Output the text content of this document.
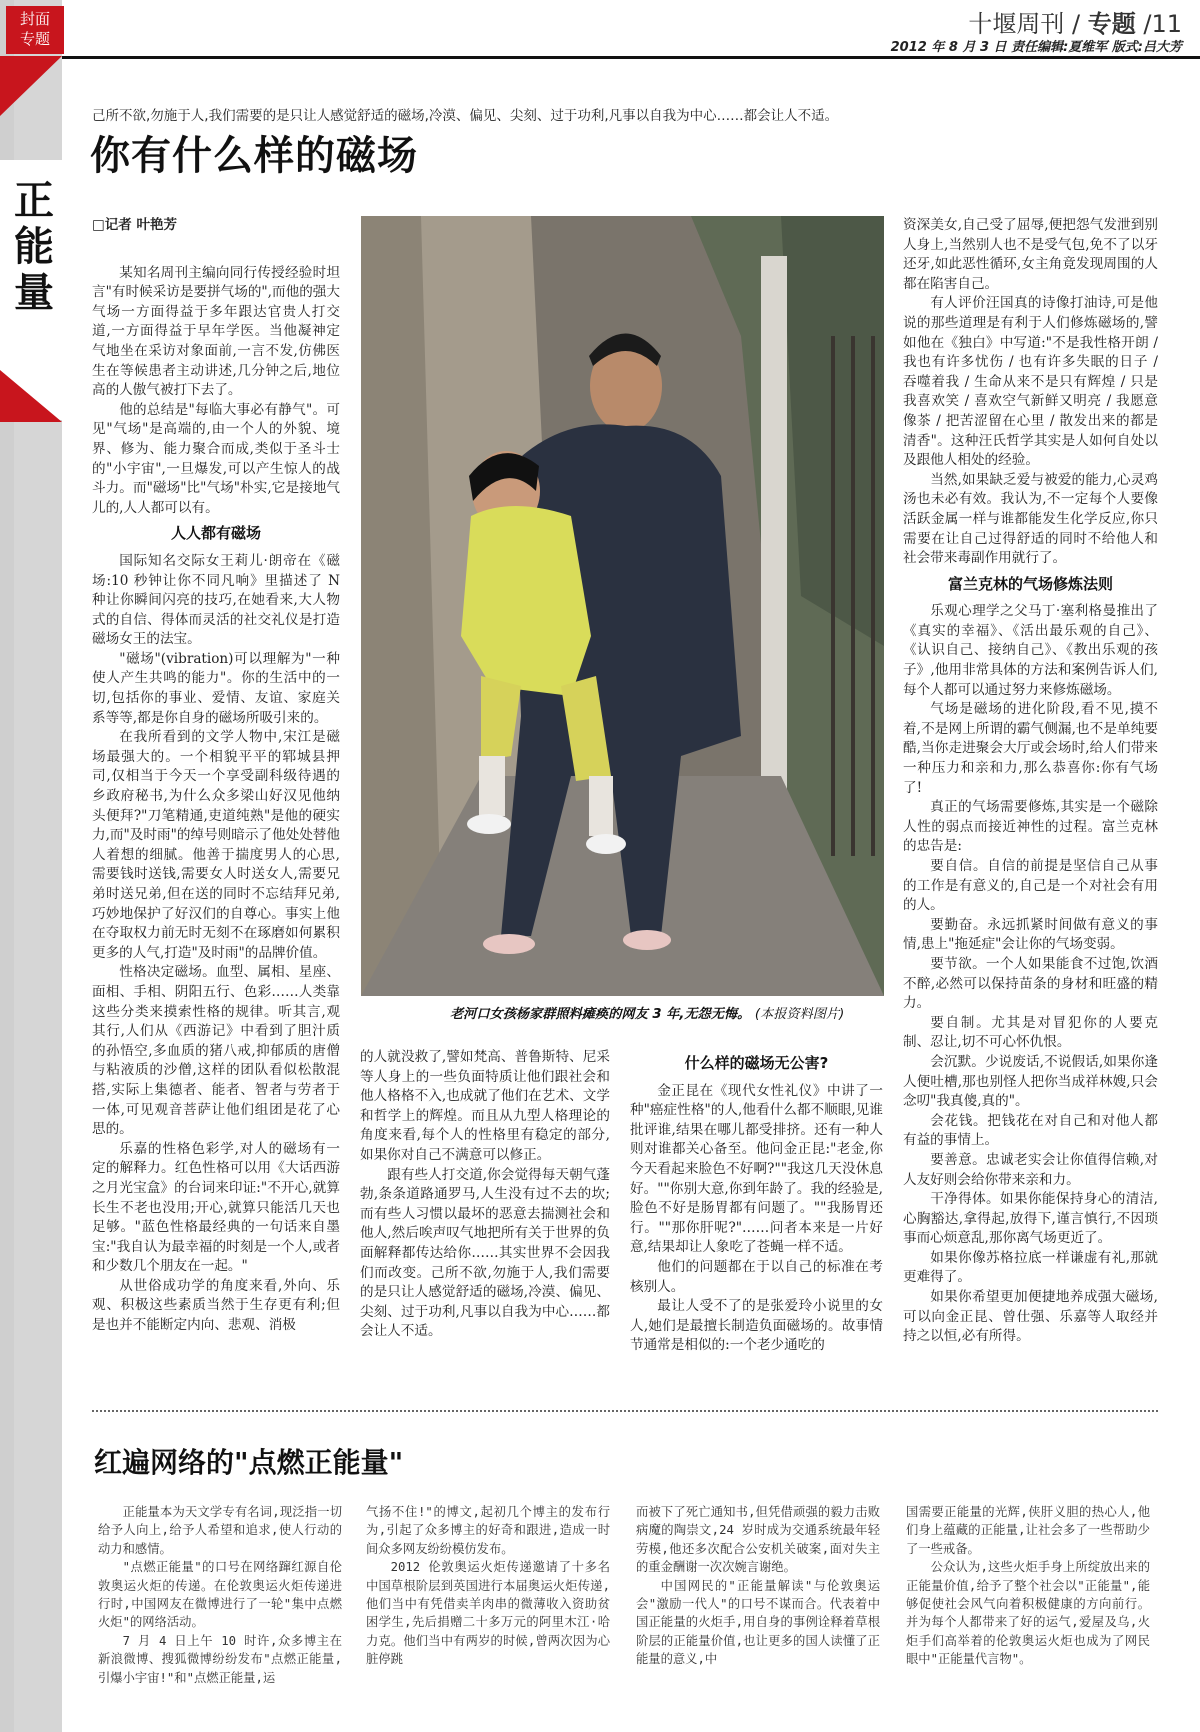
封面
专题
正能量
十堰周刊 / 专题 /11
2012 年 8 月 3 日 责任编辑:夏维军 版式:吕大芳
己所不欲,勿施于人,我们需要的是只让人感觉舒适的磁场,冷漠、偏见、尖刻、过于功利,凡事以自我为中心……都会让人不适。
你有什么样的磁场
□记者 叶艳芳

某知名周刊主编向同行传授经验时坦言"有时候采访是要拼气场的",而他的强大气场一方面得益于多年跟达官贵人打交道,一方面得益于早年学医。当他凝神定气地坐在采访对象面前,一言不发,仿佛医生在等候患者主动讲述,几分钟之后,地位高的人傲气被打下去了。

他的总结是"每临大事必有静气"。可见"气场"是高端的,由一个人的外貌、境界、修为、能力聚合而成,类似于圣斗士的"小宇宙",一旦爆发,可以产生惊人的战斗力。而"磁场"比"气场"朴实,它是接地气儿的,人人都可以有。

人人都有磁场

国际知名交际女王莉儿·朗帝在《磁场:10 秒钟让你不同凡响》里描述了 N 种让你瞬间闪亮的技巧,在她看来,大人物式的自信、得体而灵活的社交礼仪是打造磁场女王的法宝。

"磁场"(vibration)可以理解为"一种使人产生共鸣的能力"。你的生活中的一切,包括你的事业、爱情、友谊、家庭关系等等,都是你自身的磁场所吸引来的。

在我所看到的文学人物中,宋江是磁场最强大的。一个相貌平平的郓城县押司,仅相当于今天一个享受副科级待遇的乡政府秘书,为什么众多梁山好汉见他纳头便拜?"刀笔精通,吏道纯熟"是他的硬实力,而"及时雨"的绰号则暗示了他处处替他人着想的细腻。他善于揣度男人的心思,需要钱时送钱,需要女人时送女人,需要兄弟时送兄弟,但在送的同时不忘结拜兄弟,巧妙地保护了好汉们的自尊心。事实上他在夺取权力前无时无刻不在琢磨如何累积更多的人气,打造"及时雨"的品牌价值。

性格决定磁场。血型、属相、星座、面相、手相、阴阳五行、色彩……人类靠这些分类来摸索性格的规律。听其言,观其行,人们从《西游记》中看到了胆汁质的孙悟空,多血质的猪八戒,抑郁质的唐僧与粘液质的沙僧,这样的团队看似松散混搭,实际上集德者、能者、智者与劳者于一体,可见观音菩萨让他们组团是花了心思的。

乐嘉的性格色彩学,对人的磁场有一定的解释力。红色性格可以用《大话西游之月光宝盒》的台词来印证:"不开心,就算长生不老也没用;开心,就算只能活几天也足够。"蓝色性格最经典的一句话来自墨宝:"我自认为最幸福的时刻是一个人,或者和少数几个朋友在一起。"

从世俗成功学的角度来看,外向、乐观、积极这些素质当然于生存更有利;但是也并不能断定内向、悲观、消极

老河口女孩杨家群照料瘫痪的网友 3 年,无怨无悔。 (本报资料图片)

的人就没救了,譬如梵高、普鲁斯特、尼采等人身上的一些负面特质让他们跟社会和他人格格不入,也成就了他们在艺术、文学和哲学上的辉煌。而且从九型人格理论的角度来看,每个人的性格里有稳定的部分,如果你对自己不满意可以修正。

跟有些人打交道,你会觉得每天朝气蓬勃,条条道路通罗马,人生没有过不去的坎;而有些人习惯以最坏的恶意去揣测社会和他人,然后唉声叹气地把所有关于世界的负面解释都传达给你……其实世界不会因我们而改变。己所不欲,勿施于人,我们需要的是只让人感觉舒适的磁场,冷漠、偏见、尖刻、过于功利,凡事以自我为中心……都会让人不适。

什么样的磁场无公害?

金正昆在《现代女性礼仪》中讲了一种"癌症性格"的人,他看什么都不顺眼,见谁批评谁,结果在哪儿都受排挤。还有一种人则对谁都关心备至。他问金正昆:"老金,你今天看起来脸色不好啊?""我这几天没休息好。""你别大意,你到年龄了。我的经验是,脸色不好是肠胃都有问题了。""我肠胃还行。""那你肝呢?"……问者本来是一片好意,结果却让人象吃了苍蝇一样不适。

他们的问题都在于以自己的标准在考核别人。

最让人受不了的是张爱玲小说里的女人,她们是最擅长制造负面磁场的。故事情节通常是相似的:一个老少通吃的

资深美女,自己受了屈辱,便把怨气发泄到别人身上,当然别人也不是受气包,免不了以牙还牙,如此恶性循环,女主角竟发现周围的人都在陷害自己。

有人评价汪国真的诗像打油诗,可是他说的那些道理是有利于人们修炼磁场的,譬如他在《独白》中写道:"不是我性格开朗 / 我也有许多忧伤 / 也有许多失眠的日子 / 吞噬着我 / 生命从来不是只有辉煌 / 只是我喜欢笑 / 喜欢空气新鲜又明亮 / 我愿意像茶 / 把苦涩留在心里 / 散发出来的都是清香"。这种汪氏哲学其实是人如何自处以及跟他人相处的经验。

当然,如果缺乏爱与被爱的能力,心灵鸡汤也未必有效。我认为,不一定每个人要像活跃金属一样与谁都能发生化学反应,你只需要在让自己过得舒适的同时不给他人和社会带来毒副作用就行了。

富兰克林的气场修炼法则

乐观心理学之父马丁·塞利格曼推出了《真实的幸福》、《活出最乐观的自己》、《认识自己、接纳自己》、《教出乐观的孩子》,他用非常具体的方法和案例告诉人们,每个人都可以通过努力来修炼磁场。

气场是磁场的进化阶段,看不见,摸不着,不是网上所谓的霸气侧漏,也不是单纯要酷,当你走进聚会大厅或会场时,给人们带来一种压力和亲和力,那么恭喜你:你有气场了!

真正的气场需要修炼,其实是一个磁除人性的弱点而接近神性的过程。富兰克林的忠告是:

要自信。自信的前提是坚信自己从事的工作是有意义的,自己是一个对社会有用的人。

要勤奋。永远抓紧时间做有意义的事情,患上"拖延症"会让你的气场变弱。

要节欲。一个人如果能食不过饱,饮酒不醉,必然可以保持苗条的身材和旺盛的精力。

要自制。尤其是对冒犯你的人要克制、忍让,切不可心怀仇恨。

会沉默。少说废话,不说假话,如果你逢人便吐槽,那也别怪人把你当成祥林嫂,只会念叨"我真傻,真的"。

会花钱。把钱花在对自己和对他人都有益的事情上。

要善意。忠诚老实会让你值得信赖,对人友好则会给你带来亲和力。

干净得体。如果你能保持身心的清洁,心胸豁达,拿得起,放得下,谨言慎行,不因琐事而心烦意乱,那你离气场更近了。

如果你像苏格拉底一样谦虚有礼,那就更难得了。

如果你希望更加便捷地养成强大磁场,可以向金正昆、曾仕强、乐嘉等人取经并持之以恒,必有所得。

红遍网络的"点燃正能量"

正能量本为天文学专有名词,现泛指一切给予人向上,给予人希望和追求,使人行动的动力和感情。

"点燃正能量"的口号在网络蹿红源自伦敦奥运火炬的传递。在伦敦奥运火炬传递进行时,中国网友在微博进行了一轮"集中点燃火炬"的网络活动。

7 月 4 日上午 10 时许,众多博主在新浪微博、搜狐微博纷纷发布"点燃正能量,引爆小宇宙!"和"点燃正能量,运

气扬不住!"的博文,起初几个博主的发布行为,引起了众多博主的好奇和跟进,造成一时间众多网友纷纷模仿发布。

2012 伦敦奥运火炬传递邀请了十多名中国草根阶层到英国进行本届奥运火炬传递,他们当中有凭借卖羊肉串的微薄收入资助贫困学生,先后捐赠二十多万元的阿里木江·哈力克。他们当中有两岁的时候,曾两次因为心脏停跳

而被下了死亡通知书,但凭借顽强的毅力击败病魔的陶崇文,24 岁时成为交通系统最年轻劳模,他还多次配合公安机关破案,面对失主的重金酬谢一次次婉言谢绝。

中国网民的"正能量解读"与伦敦奥运会"激励一代人"的口号不谋而合。代表着中国正能量的火炬手,用自身的事例诠释着草根阶层的正能量价值,也让更多的国人读懂了正能量的意义,中

国需要正能量的光辉,侠肝义胆的热心人,他们身上蕴藏的正能量,让社会多了一些帮助少了一些戒备。

公众认为,这些火炬手身上所绽放出来的正能量价值,给予了整个社会以"正能量",能够促使社会风气向着积极健康的方向前行。并为每个人都带来了好的运气,爱屋及乌,火炬手们高举着的伦敦奥运火炬也成为了网民眼中"正能量代言物"。
